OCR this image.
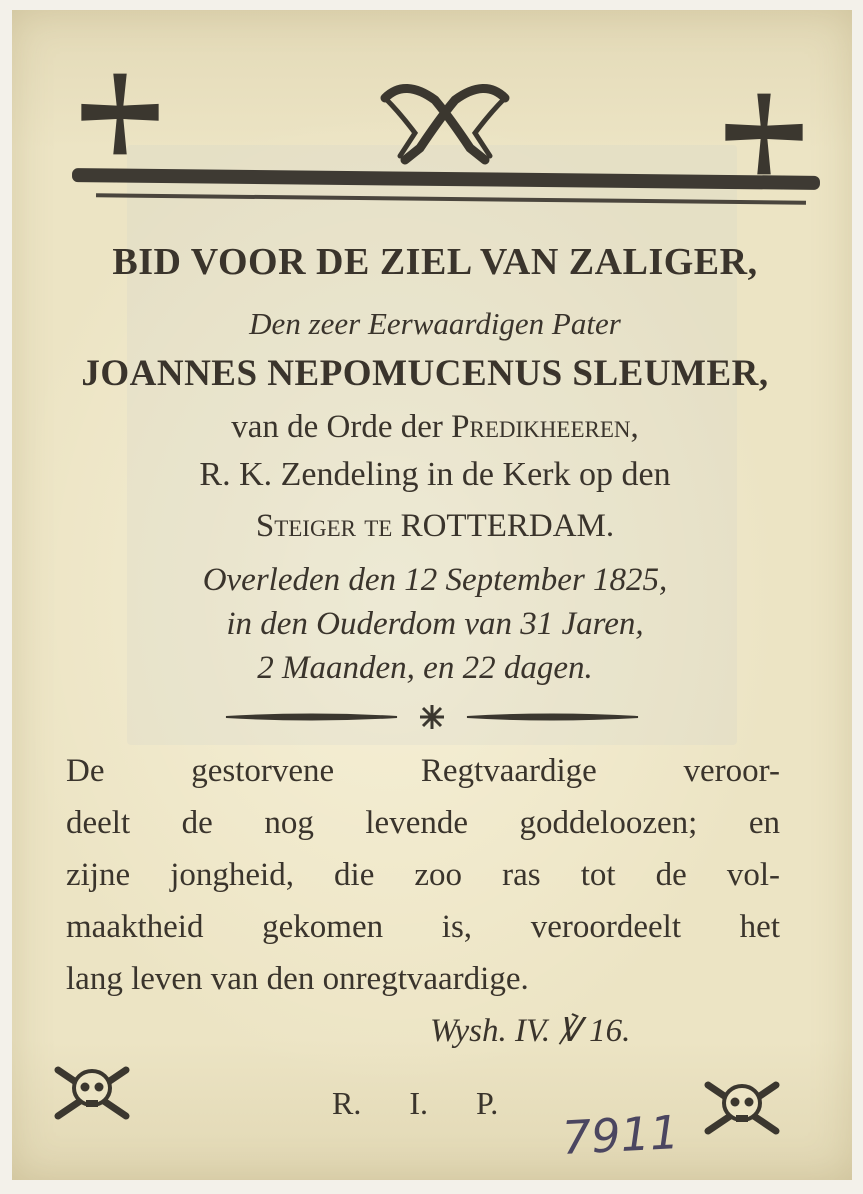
BID VOOR DE ZIEL VAN ZALIGER,
Den zeer Eerwaardigen Pater
JOANNES NEPOMUCENUS SLEUMER,
van de Orde der Predikheeren,
R. K. Zendeling in de Kerk op den
Steiger te ROTTERDAM.
Overleden den 12 September 1825,
in den Ouderdom van 31 Jaren,
2 Maanden, en 22 dagen.
De gestorvene Regtvaardige veroor-
deelt de nog levende goddeloozen; en
zijne jongheid, die zoo ras tot de vol-
maaktheid gekomen is, veroordeelt het
lang leven van den onregtvaardige.
Wysh. IV. ℣ 16.
R. I. P.
7911
